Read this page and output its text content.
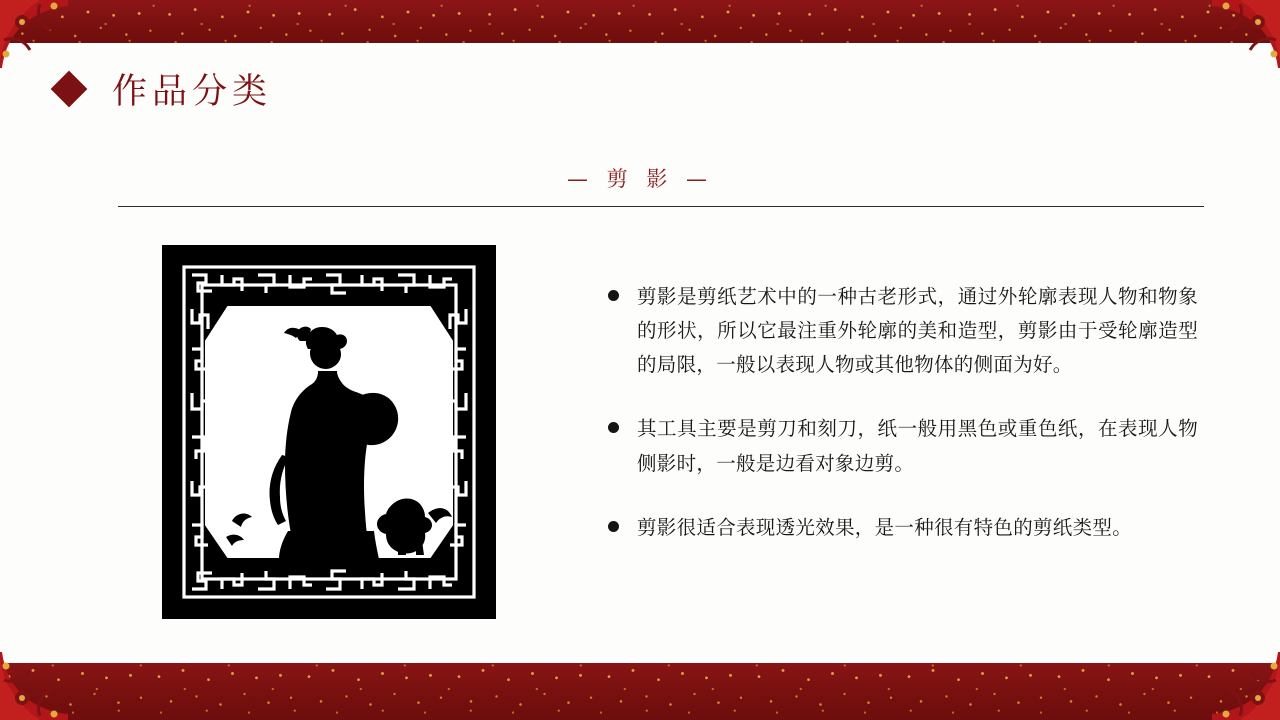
作品分类
— 剪 影 —
剪影是剪纸艺术中的一种古老形式，通过外轮廓表现人物和物象的形状，所以它最注重外轮廓的美和造型，剪影由于受轮廓造型的局限，一般以表现人物或其他物体的侧面为好。
其工具主要是剪刀和刻刀，纸一般用黑色或重色纸，在表现人物侧影时，一般是边看对象边剪。
剪影很适合表现透光效果，是一种很有特色的剪纸类型。
